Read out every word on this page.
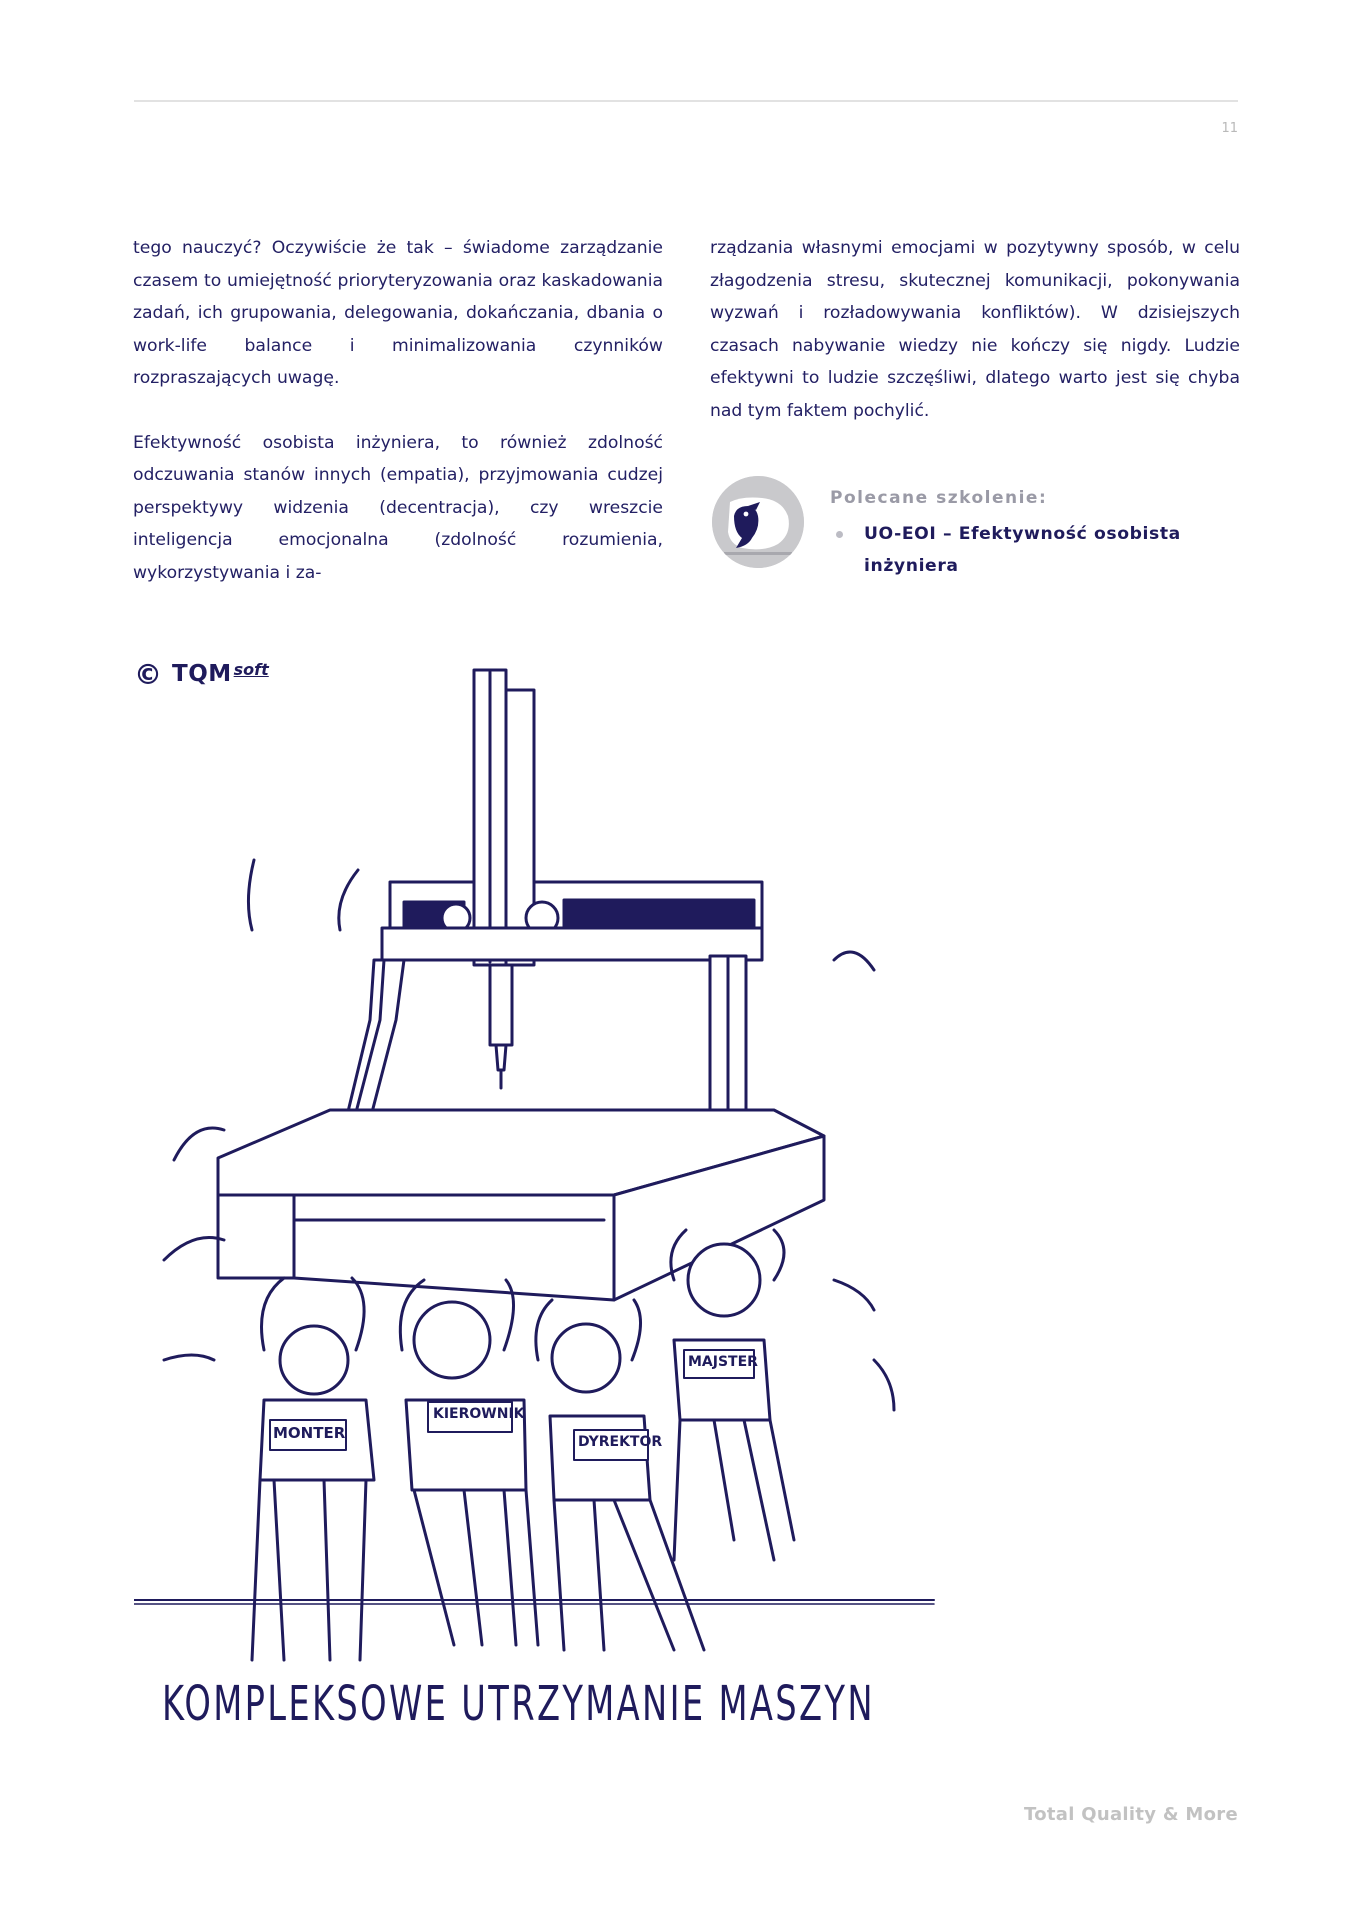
11

tego nauczyć? Oczywiście że tak – świadome zarządzanie czasem to umiejętność prioryteryzowania oraz kaskadowania zadań, ich grupowania, delegowania, dokańczania, dbania o work-life balance i minimalizowania czynników rozpraszających uwagę.

Efektywność osobista inżyniera, to również zdolność odczuwania stanów innych (empatia), przyjmowania cudzej perspektywy widzenia (decentracja), czy wreszcie inteligencja emocjonalna (zdolność rozumienia, wykorzystywania i za-

rządzania własnymi emocjami w pozytywny sposób, w celu złagodzenia stresu, skutecznej komunikacji, pokonywania wyzwań i rozładowywania konfliktów). W dzisiejszych czasach nabywanie wiedzy nie kończy się nigdy. Ludzie efektywni to ludzie szczęśliwi, dlatego warto jest się chyba nad tym faktem pochylić.

Polecane szkolenie:
UO-EOI – Efektywność osobista inżyniera
© TQM soft
MONTER
KIEROWNIK
DYREKTOR
MAJSTER
KOMPLEKSOWE UTRZYMANIE MASZYN
Total Quality & More
